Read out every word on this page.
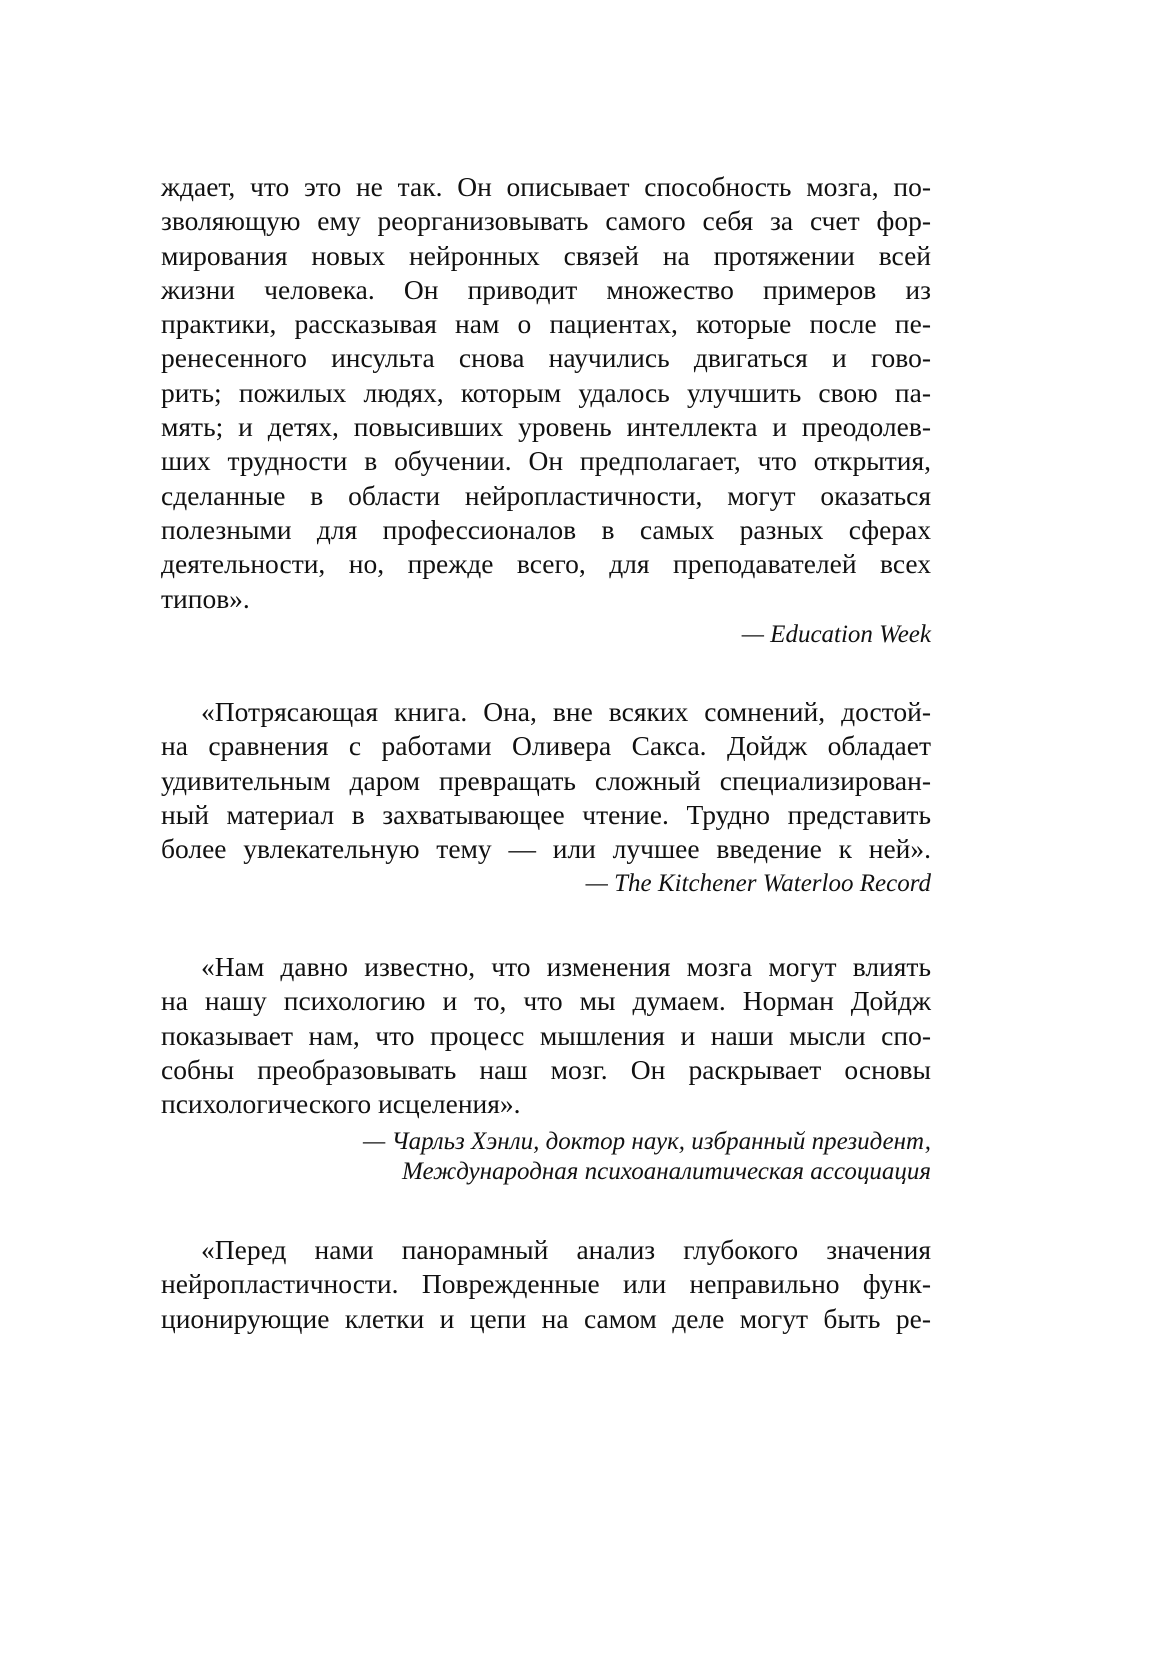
ждает, что это не так. Он описывает способность мозга, по-
зволяющую ему реорганизовывать самого себя за счет фор-
мирования новых нейронных связей на протяжении всей
жизни человека. Он приводит множество примеров из
практики, рассказывая нам о пациентах, которые после пе-
ренесенного инсульта снова научились двигаться и гово-
рить; пожилых людях, которым удалось улучшить свою па-
мять; и детях, повысивших уровень интеллекта и преодолев-
ших трудности в обучении. Он предполагает, что открытия,
сделанные в области нейропластичности, могут оказаться
полезными для профессионалов в самых разных сферах
деятельности, но, прежде всего, для преподавателей всех
типов».

— Education Week

«Потрясающая книга. Она, вне всяких сомнений, достой-
на сравнения с работами Оливера Сакса. Дойдж обладает
удивительным даром превращать сложный специализирован-
ный материал в захватывающее чтение. Трудно представить
более увлекательную тему — или лучшее введение к ней».

— The Kitchener Waterloo Record

«Нам давно известно, что изменения мозга могут влиять
на нашу психологию и то, что мы думаем. Норман Дойдж
показывает нам, что процесс мышления и наши мысли спо-
собны преобразовывать наш мозг. Он раскрывает основы
психологического исцеления».

— Чарльз Хэнли, доктор наук, избранный президент,

Международная психоаналитическая ассоциация

«Перед нами панорамный анализ глубокого значения
нейропластичности. Поврежденные или неправильно функ-
ционирующие клетки и цепи на самом деле могут быть ре-
